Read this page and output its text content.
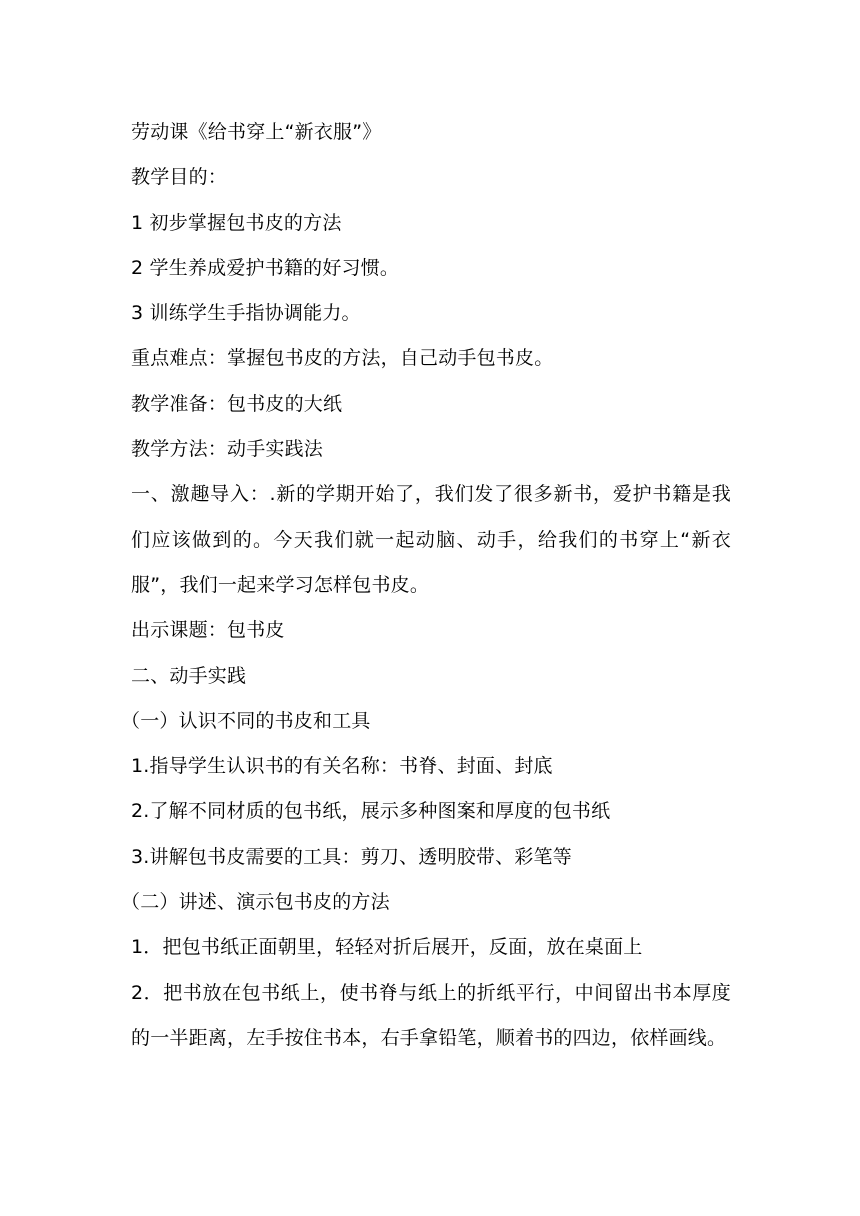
劳动课《给书穿上“新衣服”》
教学目的：
1 初步掌握包书皮的方法
2 学生养成爱护书籍的好习惯。
3 训练学生手指协调能力。
重点难点：掌握包书皮的方法，自己动手包书皮。
教学准备：包书皮的大纸
教学方法：动手实践法
一、激趣导入：.新的学期开始了，我们发了很多新书，爱护书籍是我们应该做到的。今天我们就一起动脑、动手，给我们的书穿上“新衣服”，我们一起来学习怎样包书皮。
出示课题：包书皮
二、动手实践
（一）认识不同的书皮和工具
1.指导学生认识书的有关名称：书脊、封面、封底
2.了解不同材质的包书纸，展示多种图案和厚度的包书纸
3.讲解包书皮需要的工具：剪刀、透明胶带、彩笔等
（二）讲述、演示包书皮的方法
1．把包书纸正面朝里，轻轻对折后展开，反面，放在桌面上
2．把书放在包书纸上，使书脊与纸上的折纸平行，中间留出书本厚度的一半距离，左手按住书本，右手拿铅笔，顺着书的四边，依样画线。
